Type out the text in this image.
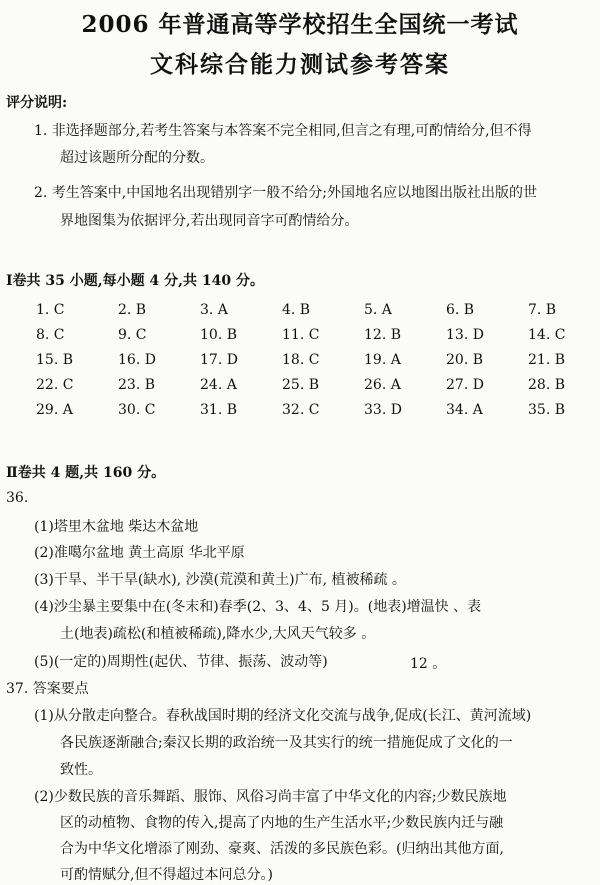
2006 年普通高等学校招生全国统一考试
文科综合能力测试参考答案
评分说明:
1. 非选择题部分,若考生答案与本答案不完全相同,但言之有理,可酌情给分,但不得
超过该题所分配的分数。
2. 考生答案中,中国地名出现错别字一般不给分;外国地名应以地图出版社出版的世
界地图集为依据评分,若出现同音字可酌情给分。
Ⅰ卷共 35 小题,每小题 4 分,共 140 分。
1. C	2. B	3. A	4. B	5. A	6. B	7. B
8. C	9. C	10. B	11. C	12. B	13. D	14. C
15. B	16. D	17. D	18. C	19. A	20. B	21. B
22. C	23. B	24. A	25. B	26. A	27. D	28. B
29. A	30. C	31. B	32. C	33. D	34. A	35. B
Ⅱ卷共 4 题,共 160 分。
36.
(1)塔里木盆地 柴达木盆地
(2)准噶尔盆地 黄土高原 华北平原
(3)干旱、半干旱(缺水), 沙漠(荒漠和黄土)广布, 植被稀疏 。
(4)沙尘暴主要集中在(冬末和)春季(2、3、4、5 月)。(地表)增温快 、表
土(地表)疏松(和植被稀疏),降水少,大风天气较多 。
(5)(一定的)周期性(起伏、节律、振荡、波动等)	12 。
37. 答案要点
(1)从分散走向整合。春秋战国时期的经济文化交流与战争,促成(长江、黄河流域)
各民族逐渐融合;秦汉长期的政治统一及其实行的统一措施促成了文化的一
致性。
(2)少数民族的音乐舞蹈、服饰、风俗习尚丰富了中华文化的内容;少数民族地
区的动植物、食物的传入,提高了内地的生产生活水平;少数民族内迁与融
合为中华文化增添了刚劲、豪爽、活泼的多民族色彩。(归纳出其他方面,
可酌情赋分,但不得超过本问总分。)
